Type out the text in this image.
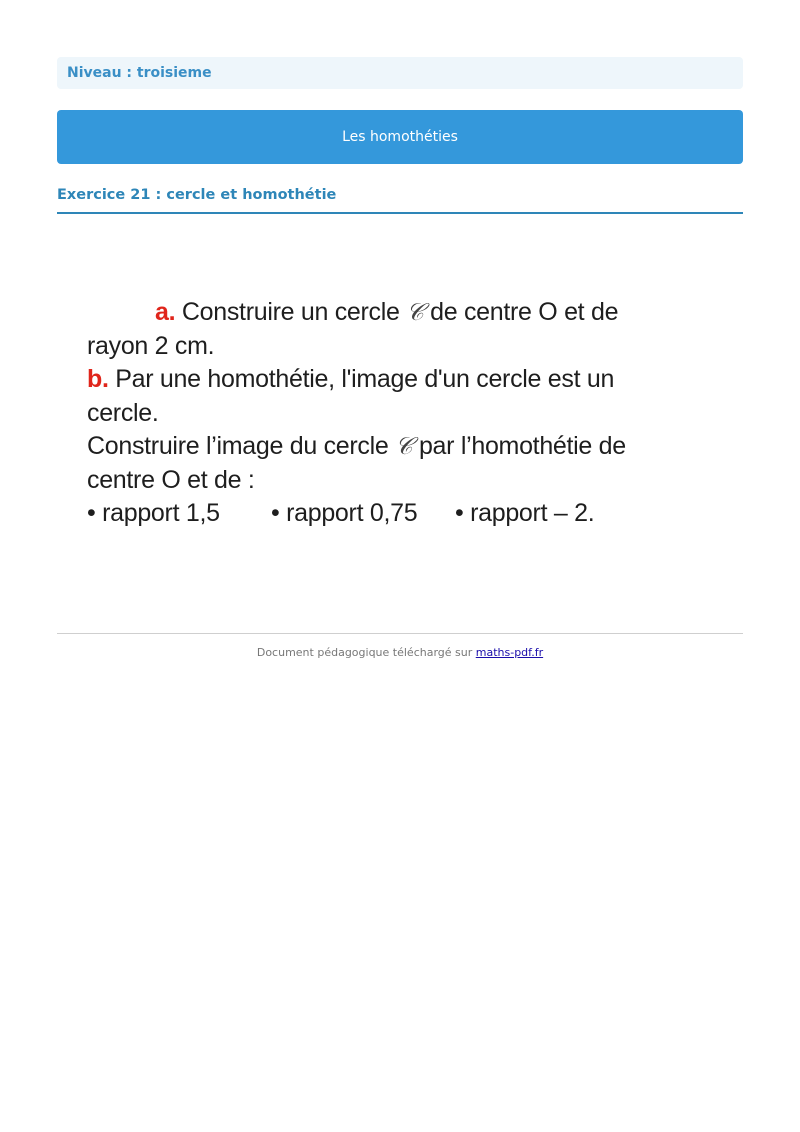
Niveau : troisieme
Les homothéties
Exercice 21 : cercle et homothétie
a. Construire un cercle 𝒞 de centre O et de
rayon 2 cm.
b. Par une homothétie, l'image d'un cercle est un
cercle.
Construire l’image du cercle 𝒞 par l’homothétie de
centre O et de :
• rapport 1,5 • rapport 0,75 • rapport – 2.
Document pédagogique téléchargé sur maths-pdf.fr
